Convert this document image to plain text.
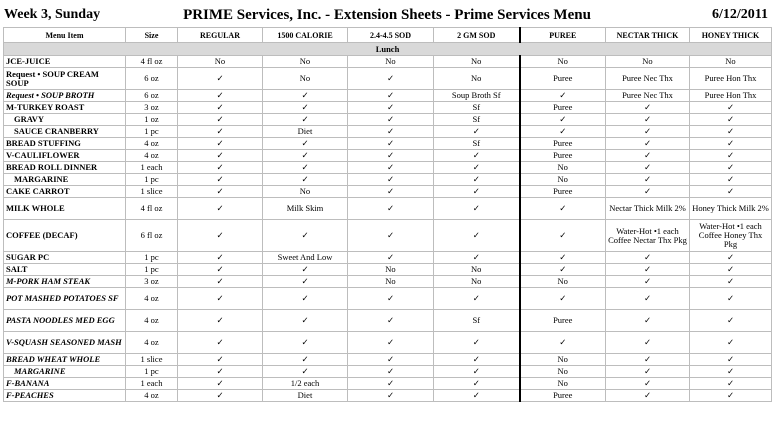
Week 3, Sunday	PRIME Services, Inc. - Extension Sheets - Prime Services Menu	6/12/2011
Menu Item	Size	REGULAR	1500 CALORIE	2.4-4.5 SOD	2 GM SOD	PUREE	NECTAR THICK	HONEY THICK
Lunch								
JCE-JUICE	4 fl oz	No	No	No	No	No	No	No
Request • SOUP CREAM SOUP	6 oz	✓	No	✓	No	Puree	Puree Nec Thx	Puree Hon Thx
Request • SOUP BROTH	6 oz	✓	✓	✓	Soup Broth Sf	✓	Puree Nec Thx	Puree Hon Thx
M-TURKEY ROAST	3 oz	✓	✓	✓	Sf	Puree	✓	✓
GRAVY	1 oz	✓	✓	✓	Sf	✓	✓	✓
SAUCE CRANBERRY	1 pc	✓	Diet	✓	✓	✓	✓	✓
BREAD STUFFING	4 oz	✓	✓	✓	Sf	Puree	✓	✓
V-CAULIFLOWER	4 oz	✓	✓	✓	✓	Puree	✓	✓
BREAD ROLL DINNER	1 each	✓	✓	✓	✓	No	✓	✓
MARGARINE	1 pc	✓	✓	✓	✓	No	✓	✓
CAKE CARROT	1 slice	✓	No	✓	✓	Puree	✓	✓
MILK WHOLE	4 fl oz	✓	Milk Skim	✓	✓	✓	Nectar Thick Milk 2%	Honey Thick Milk 2%
COFFEE (DECAF)	6 fl oz	✓	✓	✓	✓	✓	Water-Hot •1 each Coffee Nectar Thx Pkg	Water-Hot •1 each Coffee Honey Thx Pkg
SUGAR PC	1 pc	✓	Sweet And Low	✓	✓	✓	✓	✓
SALT	1 pc	✓	✓	No	No	✓	✓	✓
M-PORK HAM STEAK	3 oz	✓	✓	No	No	No	✓	✓
POT MASHED POTATOES SF	4 oz	✓	✓	✓	✓	✓	✓	✓
PASTA NOODLES MED EGG	4 oz	✓	✓	✓	Sf	Puree	✓	✓
V-SQUASH SEASONED MASH	4 oz	✓	✓	✓	✓	✓	✓	✓
BREAD WHEAT WHOLE	1 slice	✓	✓	✓	✓	No	✓	✓
MARGARINE	1 pc	✓	✓	✓	✓	No	✓	✓
F-BANANA	1 each	✓	1/2 each	✓	✓	No	✓	✓
F-PEACHES	4 oz	✓	Diet	✓	✓	Puree	✓	✓
